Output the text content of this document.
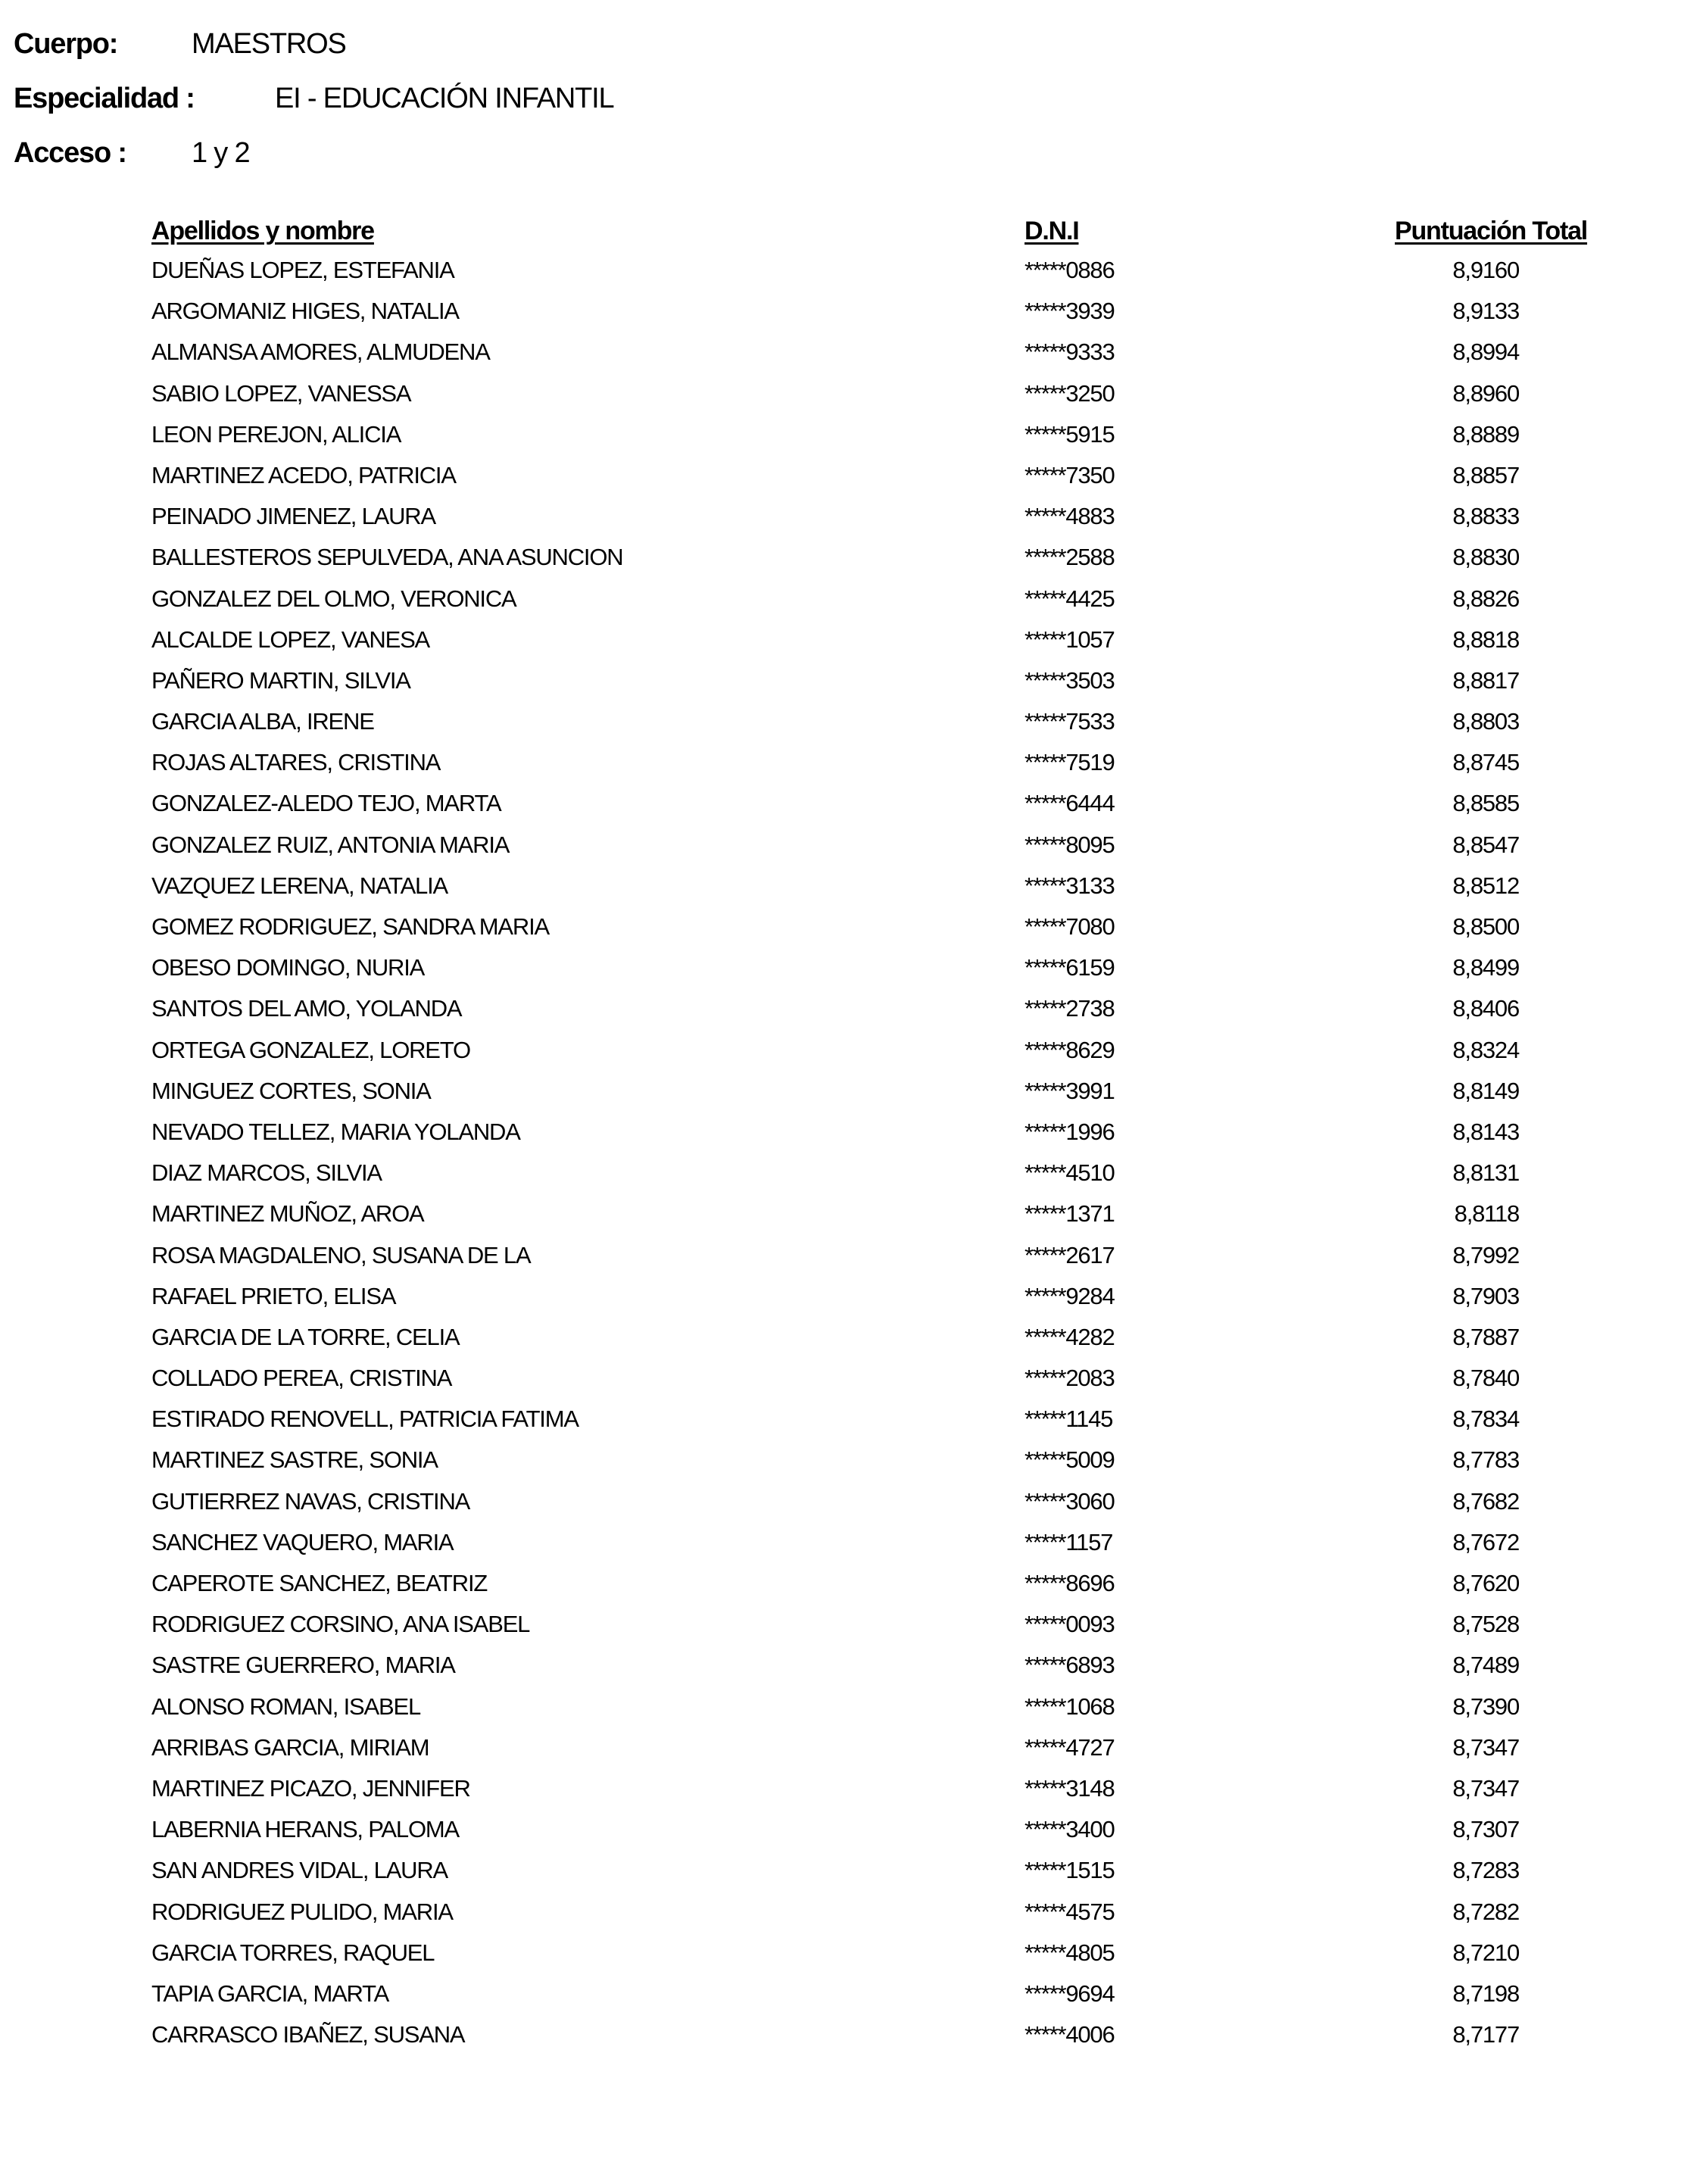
Cuerpo:	MAESTROS
Especialidad :	EI - EDUCACIÓN INFANTIL
Acceso : 1 y 2
Apellidos y nombre	D.N.I	Puntuación Total
DUEÑAS LOPEZ, ESTEFANIA	*****0886	8,9160
ARGOMANIZ HIGES, NATALIA	*****3939	8,9133
ALMANSA AMORES, ALMUDENA	*****9333	8,8994
SABIO LOPEZ, VANESSA	*****3250	8,8960
LEON PEREJON, ALICIA	*****5915	8,8889
MARTINEZ ACEDO, PATRICIA	*****7350	8,8857
PEINADO JIMENEZ, LAURA	*****4883	8,8833
BALLESTEROS SEPULVEDA, ANA ASUNCION	*****2588	8,8830
GONZALEZ DEL OLMO, VERONICA	*****4425	8,8826
ALCALDE LOPEZ, VANESA	*****1057	8,8818
PAÑERO MARTIN, SILVIA	*****3503	8,8817
GARCIA ALBA, IRENE	*****7533	8,8803
ROJAS ALTARES, CRISTINA	*****7519	8,8745
GONZALEZ-ALEDO TEJO, MARTA	*****6444	8,8585
GONZALEZ RUIZ, ANTONIA MARIA	*****8095	8,8547
VAZQUEZ LERENA, NATALIA	*****3133	8,8512
GOMEZ RODRIGUEZ, SANDRA MARIA	*****7080	8,8500
OBESO DOMINGO, NURIA	*****6159	8,8499
SANTOS DEL AMO, YOLANDA	*****2738	8,8406
ORTEGA GONZALEZ, LORETO	*****8629	8,8324
MINGUEZ CORTES, SONIA	*****3991	8,8149
NEVADO TELLEZ, MARIA YOLANDA	*****1996	8,8143
DIAZ MARCOS, SILVIA	*****4510	8,8131
MARTINEZ MUÑOZ, AROA	*****1371	8,8118
ROSA MAGDALENO, SUSANA DE LA	*****2617	8,7992
RAFAEL PRIETO, ELISA	*****9284	8,7903
GARCIA DE LA TORRE, CELIA	*****4282	8,7887
COLLADO PEREA, CRISTINA	*****2083	8,7840
ESTIRADO RENOVELL, PATRICIA FATIMA	*****1145	8,7834
MARTINEZ SASTRE, SONIA	*****5009	8,7783
GUTIERREZ NAVAS, CRISTINA	*****3060	8,7682
SANCHEZ VAQUERO, MARIA	*****1157	8,7672
CAPEROTE SANCHEZ, BEATRIZ	*****8696	8,7620
RODRIGUEZ CORSINO, ANA ISABEL	*****0093	8,7528
SASTRE GUERRERO, MARIA	*****6893	8,7489
ALONSO ROMAN, ISABEL	*****1068	8,7390
ARRIBAS GARCIA, MIRIAM	*****4727	8,7347
MARTINEZ PICAZO, JENNIFER	*****3148	8,7347
LABERNIA HERANS, PALOMA	*****3400	8,7307
SAN ANDRES VIDAL, LAURA	*****1515	8,7283
RODRIGUEZ PULIDO, MARIA	*****4575	8,7282
GARCIA TORRES, RAQUEL	*****4805	8,7210
TAPIA GARCIA, MARTA	*****9694	8,7198
CARRASCO IBAÑEZ, SUSANA	*****4006	8,7177
